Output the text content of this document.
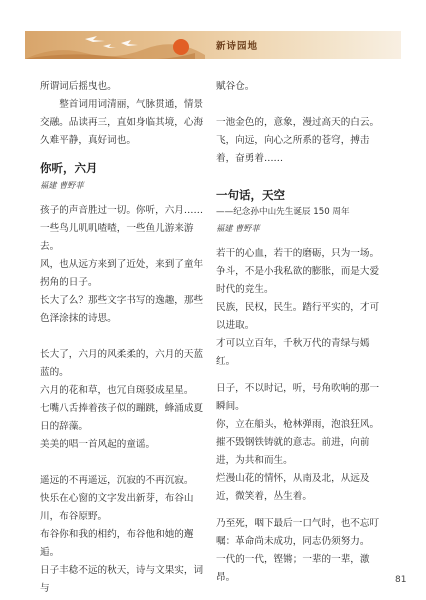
新诗园地

所谓词后摇曳也。

整首词用词清丽，气脉贯通，情景交融。品读再三，直如身临其境，心海久难平静，真好词也。

你听，六月

福建 曹野菲

孩子的声音胜过一切。你听，六月……

一些鸟儿叽叽喳喳，一些鱼儿游来游去。

风，也从远方来到了近处，来到了童年拐角的日子。

长大了么？那些文字书写的逸趣，那些色泽涂抹的诗思。

长大了，六月的风柔柔的，六月的天蓝蓝的。

六月的花和草，也冗自斑驳成星星。

七嘴八舌捧着孩子似的蹦跳，蜂涌成夏日的辞藻。

美美的唱一首风起的童谣。

遥远的不再遥远，沉寂的不再沉寂。

快乐在心窗的文字发出新芽，布谷山川，布谷原野。

布谷你和我的相约，布谷他和她的邂逅。

日子丰稔不远的秋天，诗与文果实，词与

赋谷仓。

一池金色的，意象，漫过高天的白云。

飞，向远，向心之所系的苍穹，搏击着，奋勇着……

一句话，天空

——纪念孙中山先生诞辰 150 周年

福建 曹野菲

若干的心血，若干的磨砺，只为一场。

争斗，不是小我私欲的膨胀，而是大爱时代的竞生。

民族，民权，民生。踏行平实的，才可以进取。

才可以立百年，千秋万代的青绿与嫣红。

日子，不以时记，听，号角吹响的那一瞬间。

你，立在船头，枪林弹雨，泡浪狂风。

摧不毁钢铁铸就的意志。前进，向前进，为共和而生。

烂漫山花的情怀，从南及北，从远及近，微笑着，丛生着。

乃至死，咽下最后一口气时，也不忘叮嘱：革命尚未成功，同志仍须努力。

一代的一代，铿锵；一辈的一辈，激昂。	81
